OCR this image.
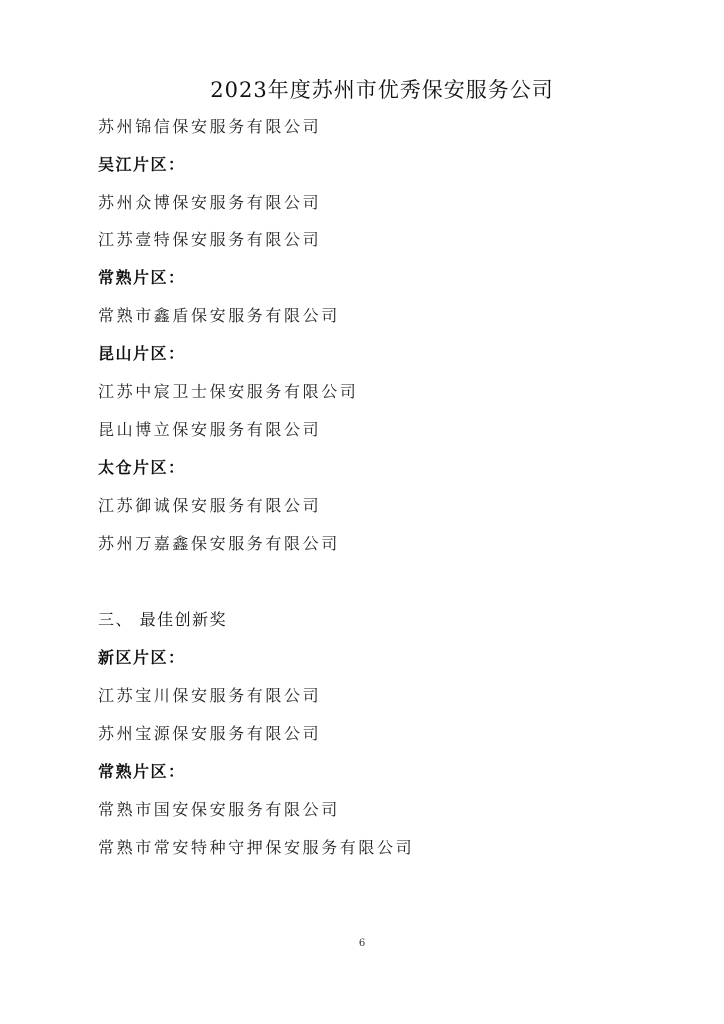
2023年度苏州市优秀保安服务公司
苏州锦信保安服务有限公司
吴江片区：
苏州众博保安服务有限公司
江苏壹特保安服务有限公司
常熟片区：
常熟市鑫盾保安服务有限公司
昆山片区：
江苏中宸卫士保安服务有限公司
昆山博立保安服务有限公司
太仓片区：
江苏御诚保安服务有限公司
苏州万嘉鑫保安服务有限公司
三、 最佳创新奖
新区片区：
江苏宝川保安服务有限公司
苏州宝源保安服务有限公司
常熟片区：
常熟市国安保安服务有限公司
常熟市常安特种守押保安服务有限公司
6
